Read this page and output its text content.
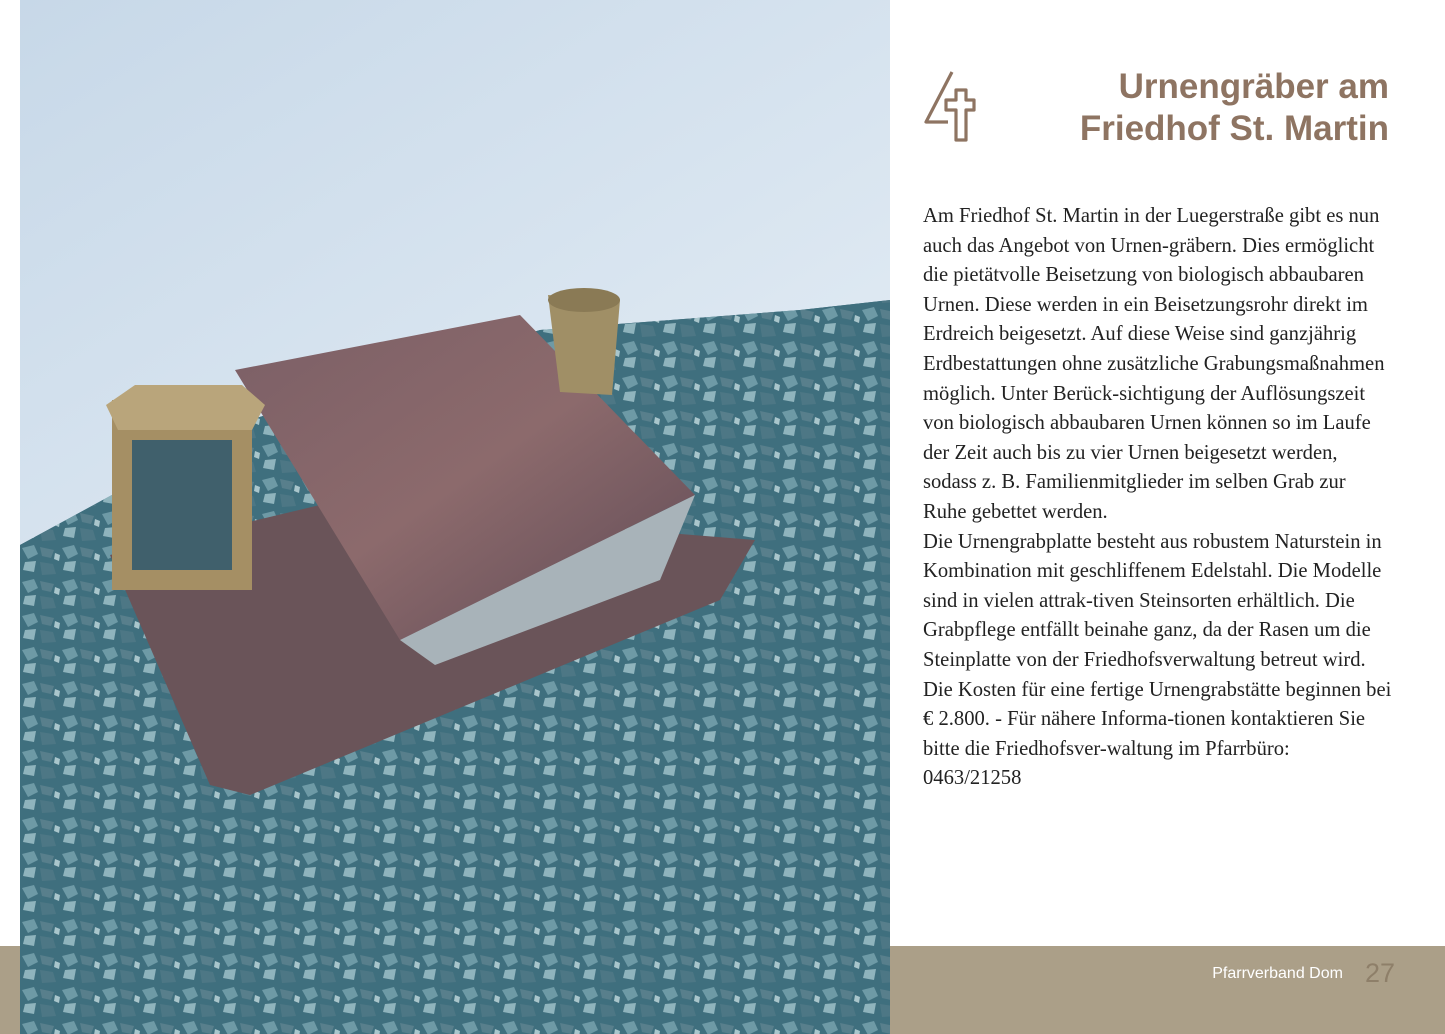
Urnengräber am
Friedhof St. Martin

Am Friedhof St. Martin in der Luegerstraße gibt es nun auch das Angebot von Urnen-gräbern. Dies ermöglicht die pietätvolle Beisetzung von biologisch abbaubaren Urnen. Diese werden in ein Beisetzungsrohr direkt im Erdreich beigesetzt. Auf diese Weise sind ganzjährig Erdbestattungen ohne zusätzliche Grabungsmaßnahmen möglich. Unter Berück-sichtigung der Auflösungszeit von biologisch abbaubaren Urnen können so im Laufe der Zeit auch bis zu vier Urnen beigesetzt werden, sodass z. B. Familienmitglieder im selben Grab zur Ruhe gebettet werden.

Die Urnengrabplatte besteht aus robustem Naturstein in Kombination mit geschliffenem Edelstahl. Die Modelle sind in vielen attrak-tiven Steinsorten erhältlich. Die Grabpflege entfällt beinahe ganz, da der Rasen um die Steinplatte von der Friedhofsverwaltung betreut wird.

Die Kosten für eine fertige Urnengrabstätte beginnen bei € 2.800. - Für nähere Informa-tionen kontaktieren Sie bitte die Friedhofsver-waltung im Pfarrbüro: 0463/21258

Pfarrverband Dom 27
